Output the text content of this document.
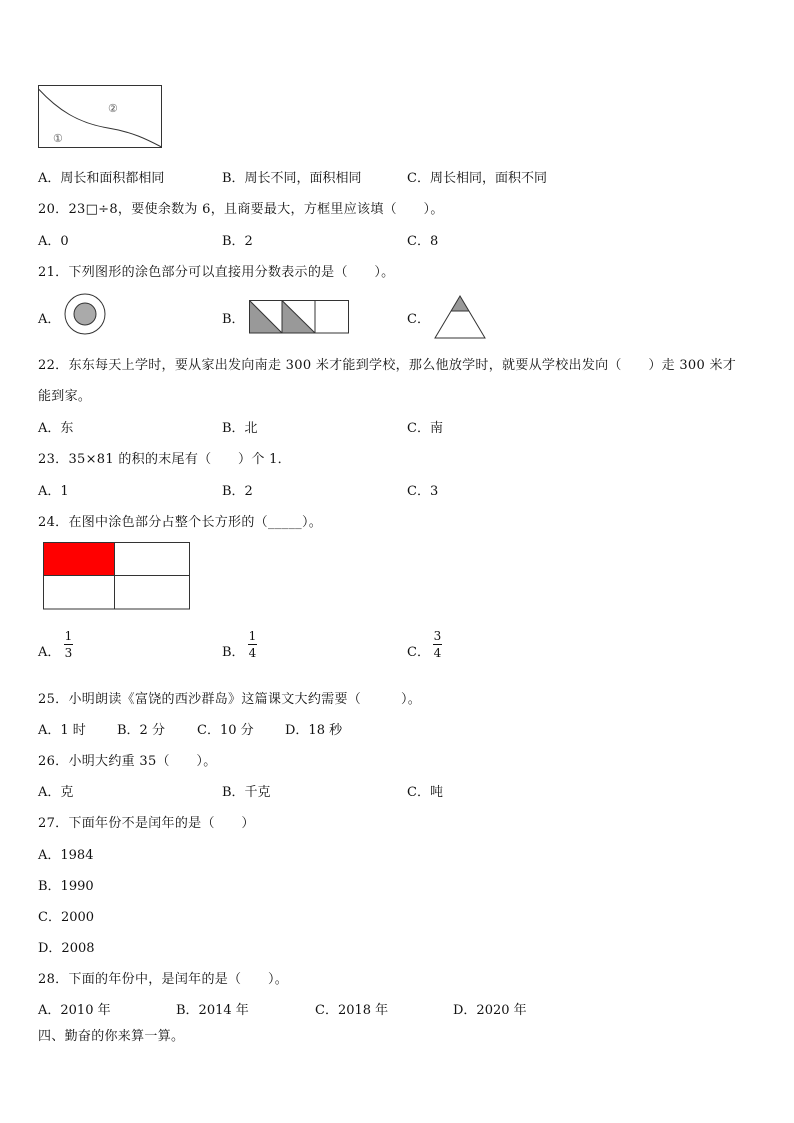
②
①
A．周长和面积都相同	B．周长不同，面积相同	C．周长相同，面积不同
20．23□÷8，要使余数为 6，且商要最大，方框里应该填（　　）。
A．0	B．2	C．8
21．下列图形的涂色部分可以直接用分数表示的是（　　）。
A．	B．	C．
22．东东每天上学时，要从家出发向南走 300 米才能到学校，那么他放学时，就要从学校出发向（　　）走 300 米才
能到家。
A．东	B．北	C．南
23．35×81 的积的末尾有（　　）个 1．
A．1	B．2	C．3
24．在图中涂色部分占整个长方形的（_____）。
A．
1
3	B．
1
4	C．
3
4
25．小明朗读《富饶的西沙群岛》这篇课文大约需要（　　　）。
A．1 时 B．2 分 C．10 分 D．18 秒
26．小明大约重 35（　　）。
A．克	B．千克	C．吨
27．下面年份不是闰年的是（　　）
A．1984
B．1990
C．2000
D．2008
28．下面的年份中，是闰年的是（　　）。
A．2010 年	B．2014 年	C．2018 年	D．2020 年
四、勤奋的你来算一算。
